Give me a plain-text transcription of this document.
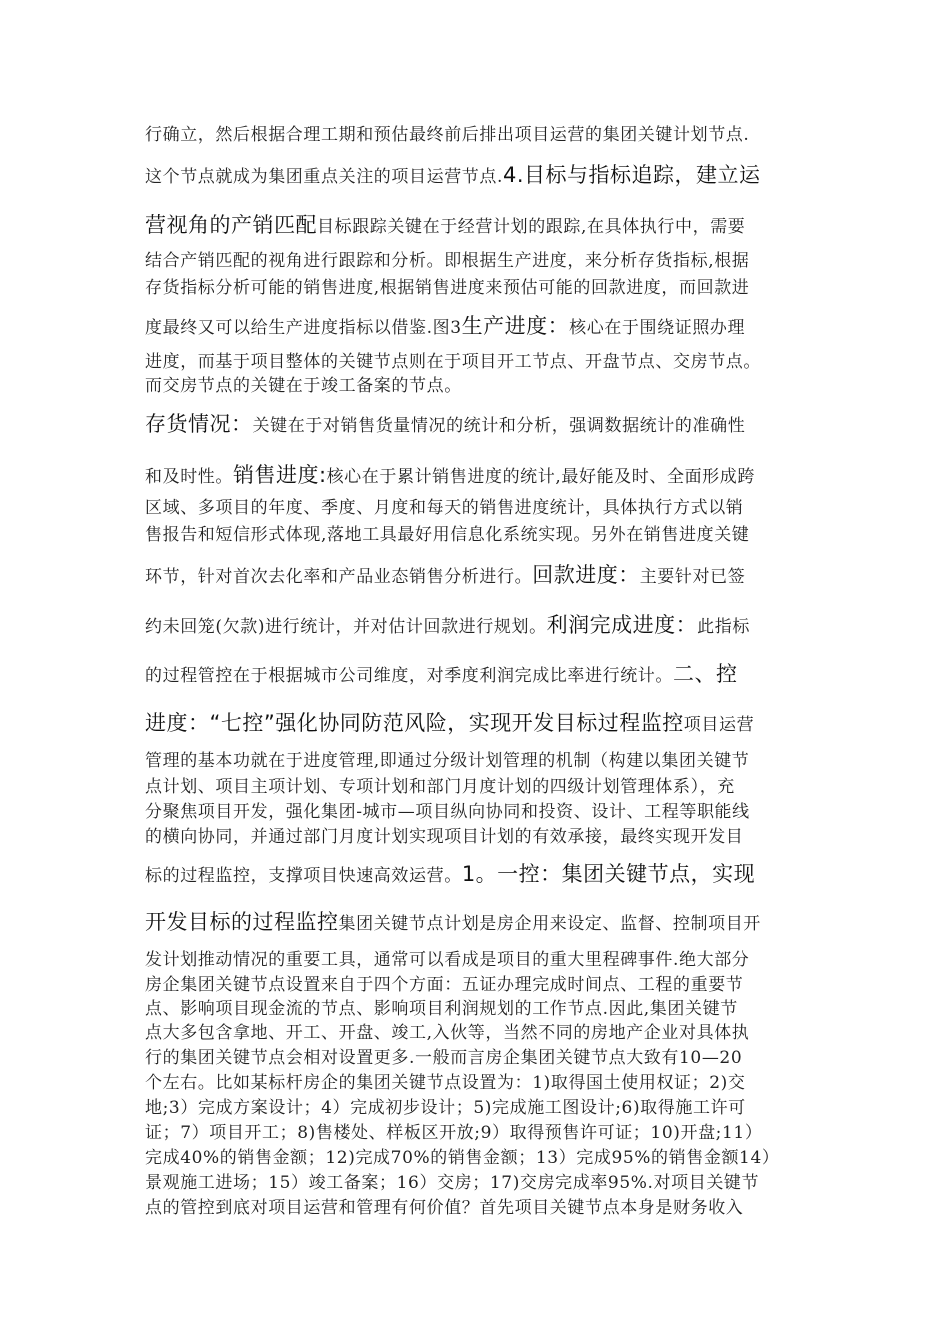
行确立，然后根据合理工期和预估最终前后排出项目运营的集团关键计划节点.

这个节点就成为集团重点关注的项目运营节点.4.目标与指标追踪，建立运

营视角的产销匹配目标跟踪关键在于经营计划的跟踪,在具体执行中，需要

结合产销匹配的视角进行跟踪和分析。即根据生产进度，来分析存货指标,根据

存货指标分析可能的销售进度,根据销售进度来预估可能的回款进度，而回款进

度最终又可以给生产进度指标以借鉴.图3生产进度：核心在于围绕证照办理

进度，而基于项目整体的关键节点则在于项目开工节点、开盘节点、交房节点。

而交房节点的关键在于竣工备案的节点。

存货情况：关键在于对销售货量情况的统计和分析，强调数据统计的准确性

和及时性。销售进度:核心在于累计销售进度的统计,最好能及时、全面形成跨

区域、多项目的年度、季度、月度和每天的销售进度统计，具体执行方式以销

售报告和短信形式体现,落地工具最好用信息化系统实现。另外在销售进度关键

环节，针对首次去化率和产品业态销售分析进行。回款进度：主要针对已签

约未回笼(欠款)进行统计，并对估计回款进行规划。利润完成进度：此指标

的过程管控在于根据城市公司维度，对季度利润完成比率进行统计。二、控

进度：“七控”强化协同防范风险，实现开发目标过程监控项目运营

管理的基本功就在于进度管理,即通过分级计划管理的机制（构建以集团关键节

点计划、项目主项计划、专项计划和部门月度计划的四级计划管理体系），充

分聚焦项目开发，强化集团-城市—项目纵向协同和投资、设计、工程等职能线

的横向协同，并通过部门月度计划实现项目计划的有效承接，最终实现开发目

标的过程监控，支撑项目快速高效运营。1。一控：集团关键节点，实现

开发目标的过程监控集团关键节点计划是房企用来设定、监督、控制项目开

发计划推动情况的重要工具，通常可以看成是项目的重大里程碑事件.绝大部分

房企集团关键节点设置来自于四个方面：五证办理完成时间点、工程的重要节

点、影响项目现金流的节点、影响项目利润规划的工作节点.因此,集团关键节

点大多包含拿地、开工、开盘、竣工,入伙等，当然不同的房地产企业对具体执

行的集团关键节点会相对设置更多.一般而言房企集团关键节点大致有10—20

个左右。比如某标杆房企的集团关键节点设置为：1)取得国土使用权证；2)交

地;3）完成方案设计；4）完成初步设计；5)完成施工图设计;6)取得施工许可

证；7）项目开工；8)售楼处、样板区开放;9）取得预售许可证；10)开盘;11）

完成40%的销售金额；12)完成70%的销售金额；13）完成95%的销售金额14）

景观施工进场；15）竣工备案；16）交房；17)交房完成率95%.对项目关键节

点的管控到底对项目运营和管理有何价值？首先项目关键节点本身是财务收入
